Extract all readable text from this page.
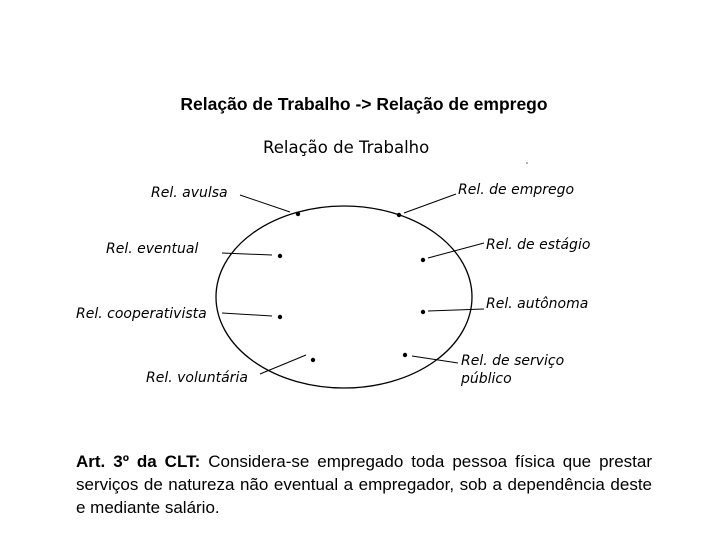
Relação de Trabalho -> Relação de emprego
Relação de Trabalho
Rel. avulsa
Rel. eventual
Rel. cooperativista
Rel. voluntária
Rel. de emprego
Rel. de estágio
Rel. autônoma
Rel. de serviço
público
Art. 3º da CLT: Considera-se empregado toda pessoa física que prestar serviços de natureza não eventual a empregador, sob a dependência deste e mediante salário.
